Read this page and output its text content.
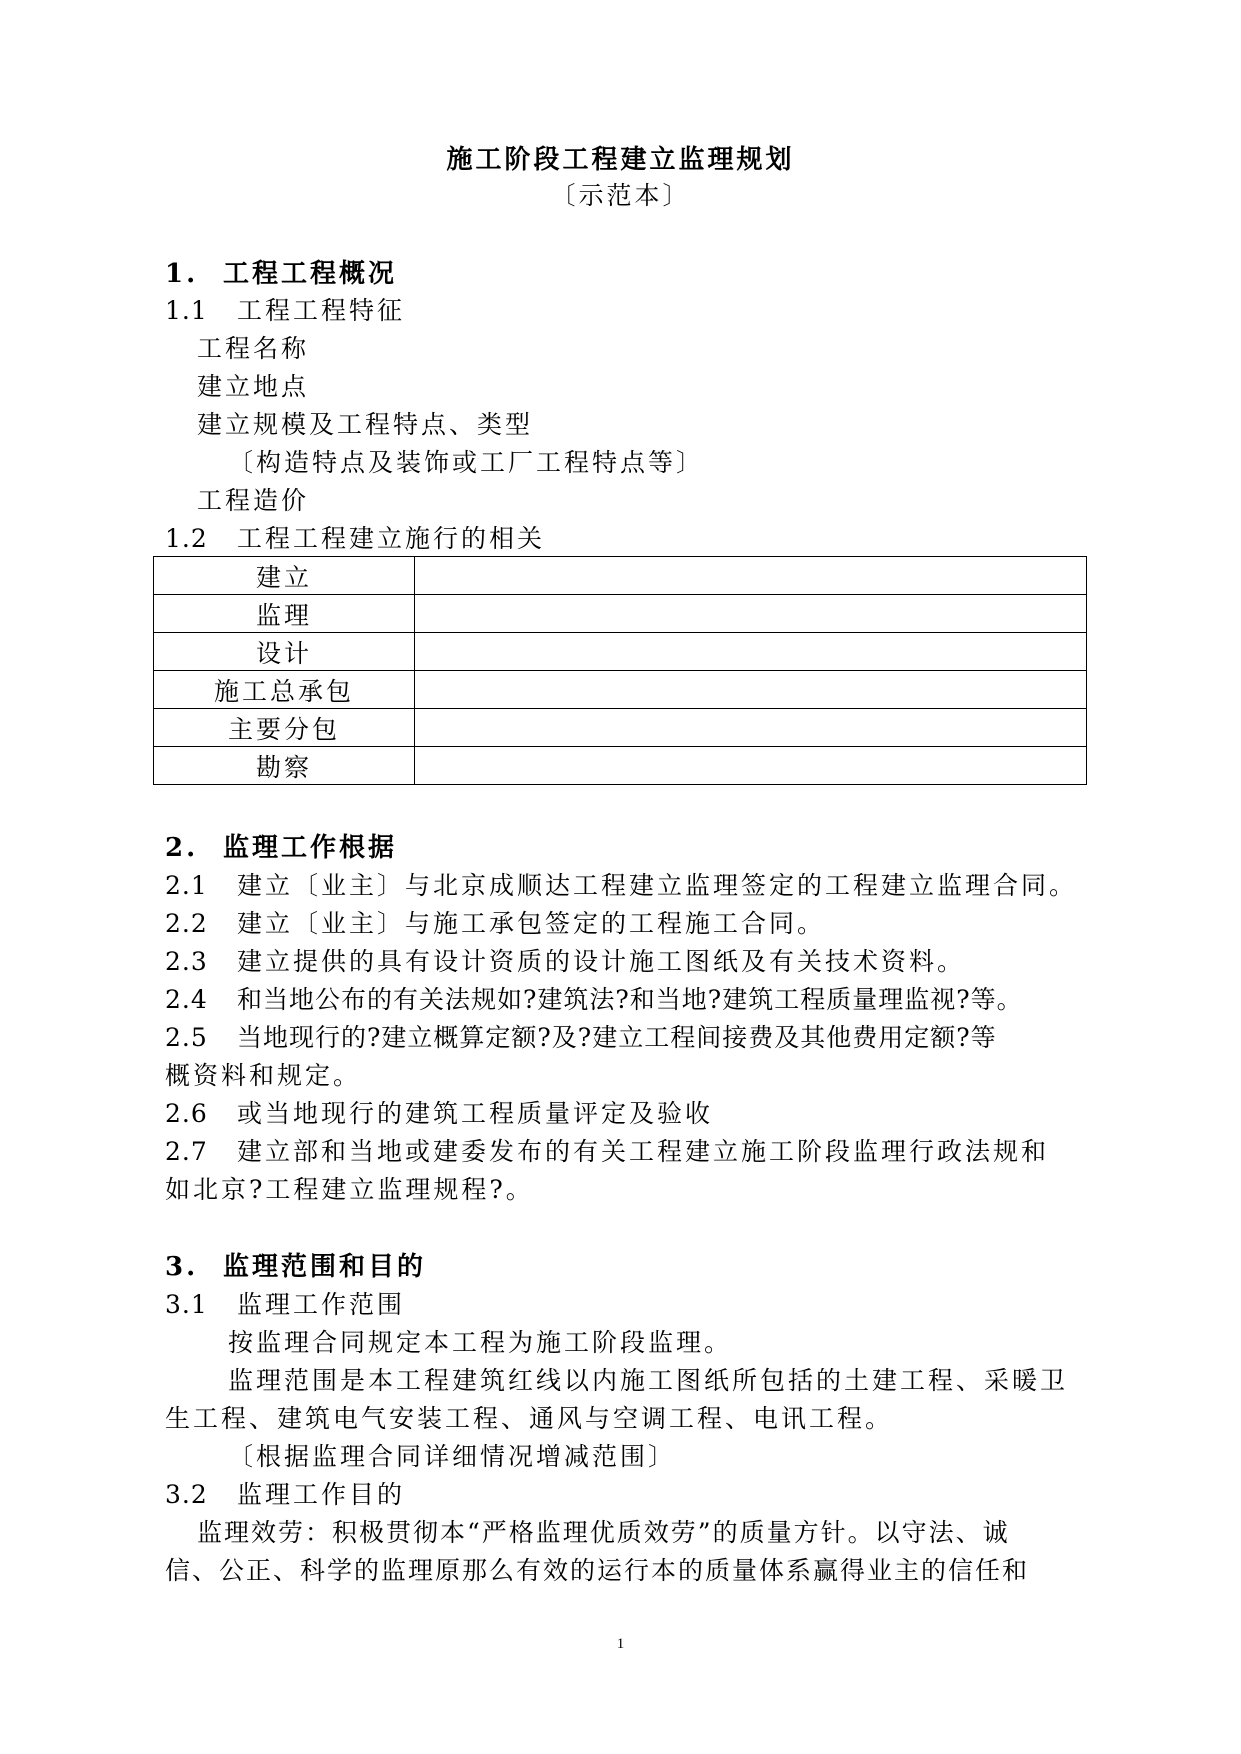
施工阶段工程建立监理规划
〔示范本〕
1. 工程工程概况
1.1 工程工程特征
工程名称
建立地点
建立规模及工程特点、类型
〔构造特点及装饰或工厂工程特点等〕
工程造价
1.2 工程工程建立施行的相关
建立	
监理	
设计	
施工总承包	
主要分包	
勘察	
2. 监理工作根据
2.1 建立〔业主〕与北京成顺达工程建立监理签定的工程建立监理合同。
2.2 建立〔业主〕与施工承包签定的工程施工合同。
2.3 建立提供的具有设计资质的设计施工图纸及有关技术资料。
2.4 和当地公布的有关法规如?建筑法?和当地?建筑工程质量理监视?等。
2.5 当地现行的?建立概算定额?及?建立工程间接费及其他费用定额?等
概资料和规定。
2.6 或当地现行的建筑工程质量评定及验收
2.7 建立部和当地或建委发布的有关工程建立施工阶段监理行政法规和
如北京?工程建立监理规程?。
3. 监理范围和目的
3.1 监理工作范围
按监理合同规定本工程为施工阶段监理。
监理范围是本工程建筑红线以内施工图纸所包括的土建工程、采暖卫
生工程、建筑电气安装工程、通风与空调工程、电讯工程。
〔根据监理合同详细情况增减范围〕
3.2 监理工作目的
监理效劳：积极贯彻本“严格监理优质效劳”的质量方针。以守法、诚
信、公正、科学的监理原那么有效的运行本的质量体系赢得业主的信任和
1
